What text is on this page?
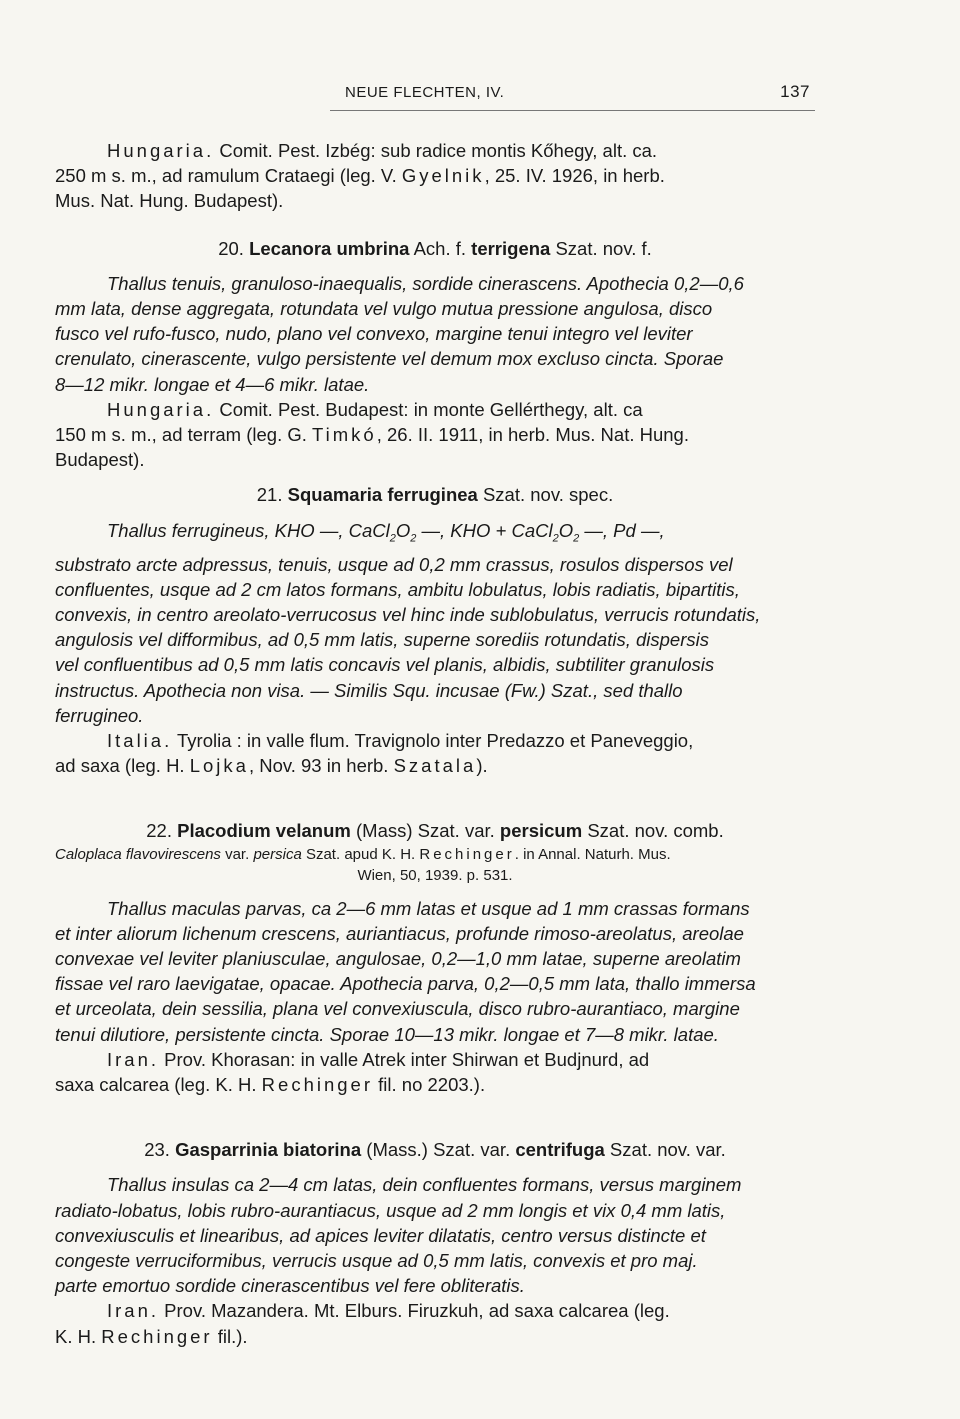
NEUE FLECHTEN, IV.	137
Hungaria. Comit. Pest. Izbég: sub radice montis Kőhegy, alt. ca.
250 m s. m., ad ramulum Crataegi (leg. V. Gyelnik, 25. IV. 1926, in herb.
Mus. Nat. Hung. Budapest).
20. Lecanora umbrina Ach. f. terrigena Szat. nov. f.
Thallus tenuis, granuloso-inaequalis, sordide cinerascens. Apothecia 0,2—0,6
mm lata, dense aggregata, rotundata vel vulgo mutua pressione angulosa, disco
fusco vel rufo-fusco, nudo, plano vel convexo, margine tenui integro vel leviter
crenulato, cinerascente, vulgo persistente vel demum mox excluso cincta. Sporae
8—12 mikr. longae et 4—6 mikr. latae.
Hungaria. Comit. Pest. Budapest: in monte Gellérthegy, alt. ca
150 m s. m., ad terram (leg. G. Timkó, 26. II. 1911, in herb. Mus. Nat. Hung.
Budapest).
21. Squamaria ferruginea Szat. nov. spec.
Thallus ferrugineus, KHO —, $CaCl_2O_2$ —, KHO + $CaCl_2O_2$ —, Pd —,
substrato arcte adpressus, tenuis, usque ad 0,2 mm crassus, rosulos dispersos vel
confluentes, usque ad 2 cm latos formans, ambitu lobulatus, lobis radiatis, bipartitis,
convexis, in centro areolato-verrucosus vel hinc inde sublobulatus, verrucis rotundatis,
angulosis vel difformibus, ad 0,5 mm latis, superne sorediis rotundatis, dispersis
vel confluentibus ad 0,5 mm latis concavis vel planis, albidis, subtiliter granulosis
instructus. Apothecia non visa. — Similis Squ. incusae (Fw.) Szat., sed thallo
ferrugineo.
Italia. Tyrolia : in valle flum. Travignolo inter Predazzo et Paneveggio,
ad saxa (leg. H. Lojka, Nov. 93 in herb. Szatala).
22. Placodium velanum (Mass) Szat. var. persicum Szat. nov. comb.
Caloplaca flavovirescens var. persica Szat. apud K. H. Rechinger. in Annal. Naturh. Mus.
Wien, 50, 1939. p. 531.
Thallus maculas parvas, ca 2—6 mm latas et usque ad 1 mm crassas formans
et inter aliorum lichenum crescens, auriantiacus, profunde rimoso-areolatus, areolae
convexae vel leviter planiusculae, angulosae, 0,2—1,0 mm latae, superne areolatim
fissae vel raro laevigatae, opacae. Apothecia parva, 0,2—0,5 mm lata, thallo immersa
et urceolata, dein sessilia, plana vel convexiuscula, disco rubro-aurantiaco, margine
tenui dilutiore, persistente cincta. Sporae 10—13 mikr. longae et 7—8 mikr. latae.
Iran. Prov. Khorasan: in valle Atrek inter Shirwan et Budjnurd, ad
saxa calcarea (leg. K. H. Rechinger fil. no 2203.).
23. Gasparrinia biatorina (Mass.) Szat. var. centrifuga Szat. nov. var.
Thallus insulas ca 2—4 cm latas, dein confluentes formans, versus marginem
radiato-lobatus, lobis rubro-aurantiacus, usque ad 2 mm longis et vix 0,4 mm latis,
convexiusculis et linearibus, ad apices leviter dilatatis, centro versus distincte et
congeste verruciformibus, verrucis usque ad 0,5 mm latis, convexis et pro maj.
parte emortuo sordide cinerascentibus vel fere obliteratis.
Iran. Prov. Mazandera. Mt. Elburs. Firuzkuh, ad saxa calcarea (leg.
K. H. Rechinger fil.).
